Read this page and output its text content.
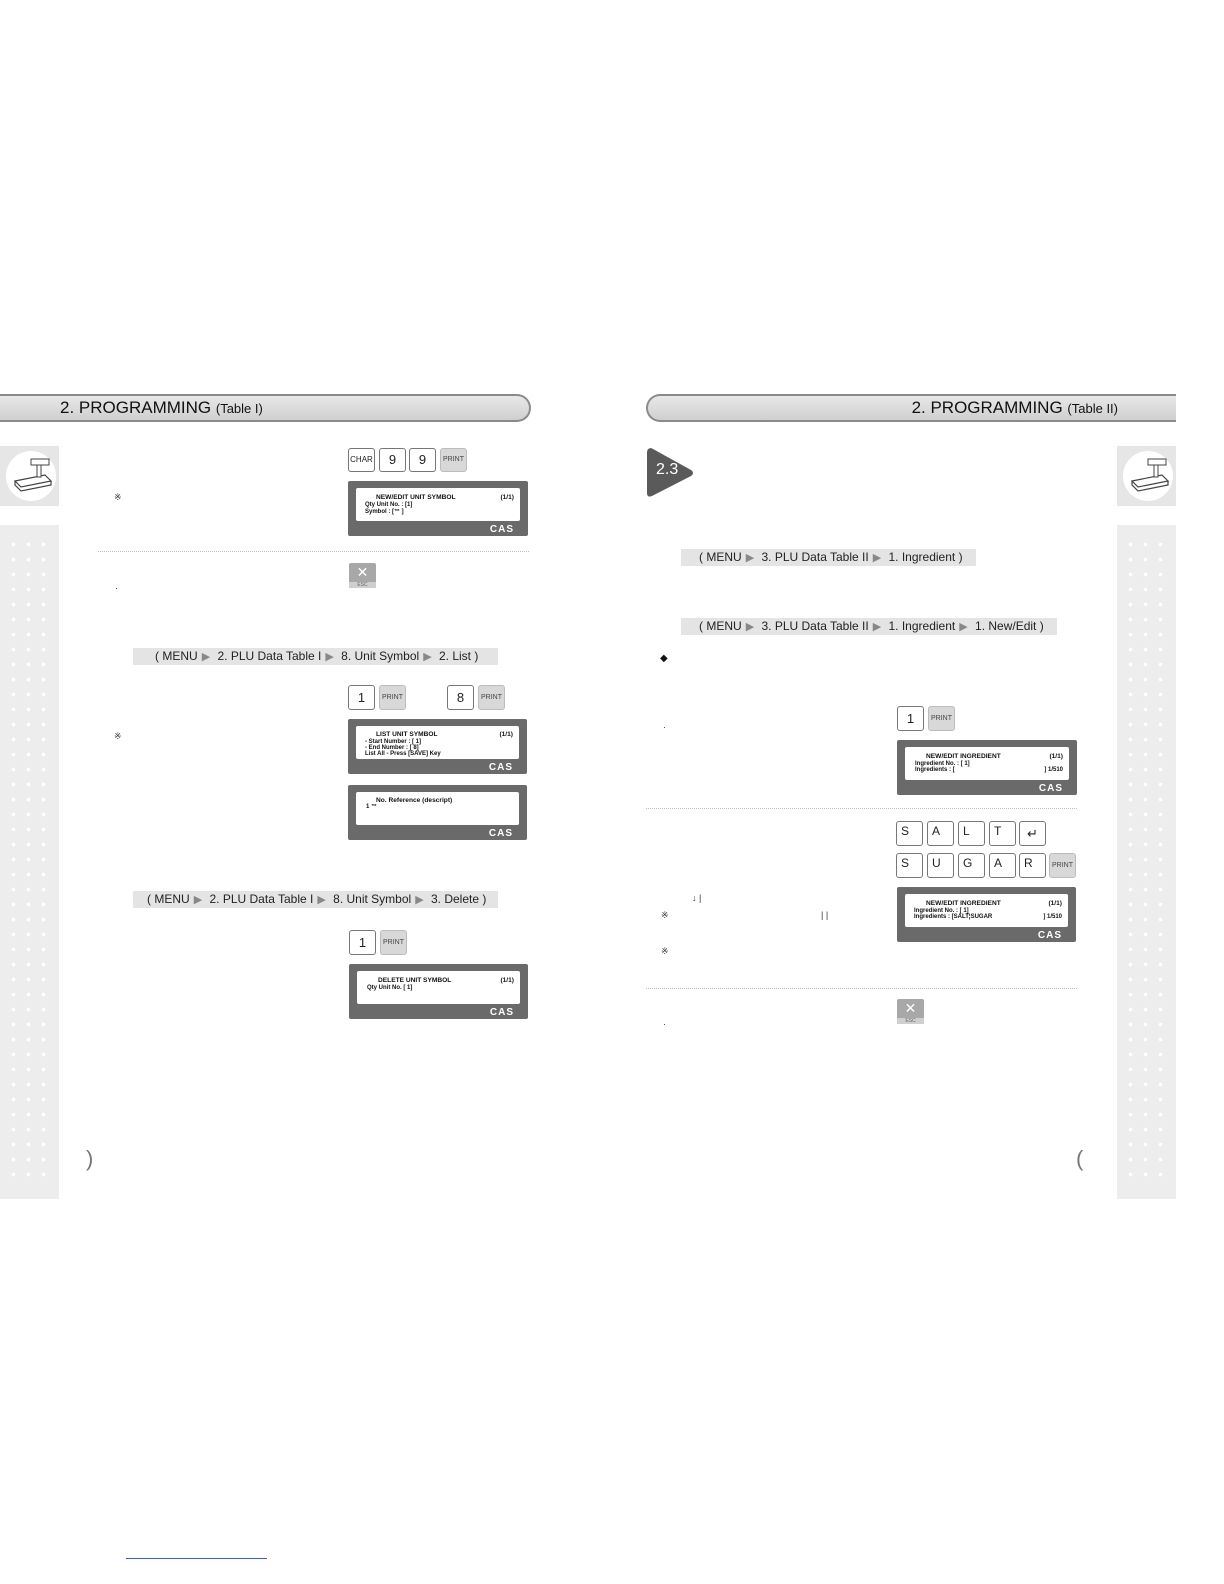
2. PROGRAMMING (Table I)
CHAR	9	9	PRINT
※	NEW/EDIT UNIT SYMBOL	(1/1)
Qty Unit No. : [1]
Symbol : [™ ]
CAS
✕
ESC
·
( MENU ▶ 2. PLU Data Table I ▶ 8. Unit Symbol ▶ 2. List )
1	PRINT	8	PRINT
※	LIST UNIT SYMBOL	(1/1)
- Start Number : [ 1]
- End Number : [ 8]
List All - Press [SAVE] Key
CAS
No. Reference (descript)
1 ™
CAS
( MENU ▶ 2. PLU Data Table I ▶ 8. Unit Symbol ▶ 3. Delete )
1	PRINT
DELETE UNIT SYMBOL	(1/1)
Qty Unit No. [ 1]
CAS
)
2. PROGRAMMING (Table II)
2.3
( MENU ▶ 3. PLU Data Table II ▶ 1. Ingredient )
( MENU ▶ 3. PLU Data Table II ▶ 1. Ingredient ▶ 1. New/Edit )
◆
1	PRINT
·
NEW/EDIT INGREDIENT	(1/1)
Ingredient No. : [ 1]
Ingredients : [	] 1/510
CAS
S	A	L	T	↵
S	U	G	A	R	PRINT
↓ |
※	| |
※
NEW/EDIT INGREDIENT	(1/1)
Ingredient No. : [ 1]
Ingredients : [SALT¦SUGAR	] 1/510
CAS
✕
ESC
·
(
